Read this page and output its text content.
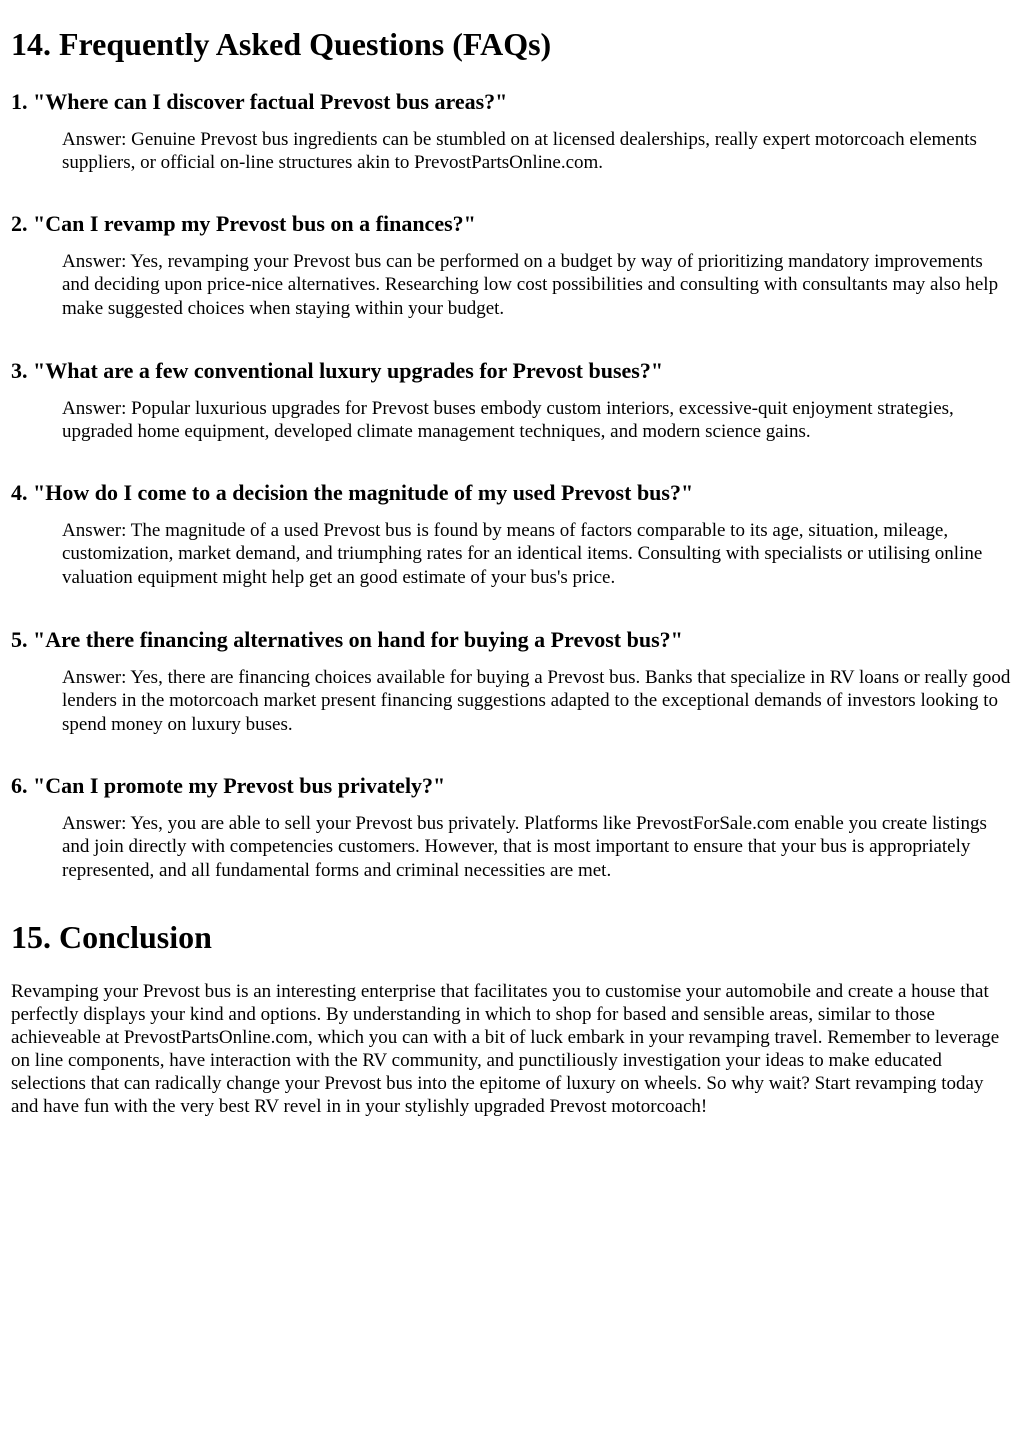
14. Frequently Asked Questions (FAQs)
1. "Where can I discover factual Prevost bus areas?"

Answer: Genuine Prevost bus ingredients can be stumbled on at licensed dealerships, really expert motorcoach elements suppliers, or official on-line structures akin to PrevostPartsOnline.com.

2. "Can I revamp my Prevost bus on a finances?"

Answer: Yes, revamping your Prevost bus can be performed on a budget by way of prioritizing mandatory improvements and deciding upon price-nice alternatives. Researching low cost possibilities and consulting with consultants may also help make suggested choices when staying within your budget.

3. "What are a few conventional luxury upgrades for Prevost buses?"

Answer: Popular luxurious upgrades for Prevost buses embody custom interiors, excessive-quit enjoyment strategies, upgraded home equipment, developed climate management techniques, and modern science gains.

4. "How do I come to a decision the magnitude of my used Prevost bus?"

Answer: The magnitude of a used Prevost bus is found by means of factors comparable to its age, situation, mileage, customization, market demand, and triumphing rates for an identical items. Consulting with specialists or utilising online valuation equipment might help get an good estimate of your bus's price.

5. "Are there financing alternatives on hand for buying a Prevost bus?"

Answer: Yes, there are financing choices available for buying a Prevost bus. Banks that specialize in RV loans or really good lenders in the motorcoach market present financing suggestions adapted to the exceptional demands of investors looking to spend money on luxury buses.

6. "Can I promote my Prevost bus privately?"

Answer: Yes, you are able to sell your Prevost bus privately. Platforms like PrevostForSale.com enable you create listings and join directly with competencies customers. However, that is most important to ensure that your bus is appropriately represented, and all fundamental forms and criminal necessities are met.

15. Conclusion

Revamping your Prevost bus is an interesting enterprise that facilitates you to customise your automobile and create a house that perfectly displays your kind and options. By understanding in which to shop for based and sensible areas, similar to those achieveable at PrevostPartsOnline.com, which you can with a bit of luck embark in your revamping travel. Remember to leverage on line components, have interaction with the RV community, and punctiliously investigation your ideas to make educated selections that can radically change your Prevost bus into the epitome of luxury on wheels. So why wait? Start revamping today and have fun with the very best RV revel in in your stylishly upgraded Prevost motorcoach!
